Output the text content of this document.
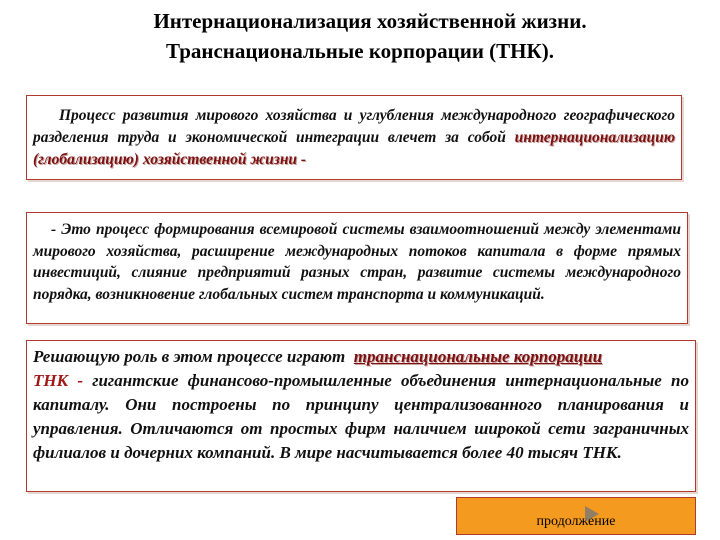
Интернационализация хозяйственной жизни.
Транснациональные корпорации (ТНК).

Процесс развития мирового хозяйства и углубления международного географического разделения труда и экономической интеграции влечет за собой интернационализацию (глобализацию) хозяйственной жизни -

- Это процесс формирования всемировой системы взаимоотношений между элементами мирового хозяйства, расширение международных потоков капитала в форме прямых инвестиций, слияние предприятий разных стран, развитие системы международного порядка, возникновение глобальных систем транспорта и коммуникаций.

Решающую роль в этом процессе играют транснациональные корпорации
ТНК - гигантские финансово-промышленные объединения интернациональные по капиталу. Они построены по принципу централизованного планирования и управления. Отличаются от простых фирм наличием широкой сети заграничных филиалов и дочерних компаний. В мире насчитывается более 40 тысяч ТНК.

продолжение
